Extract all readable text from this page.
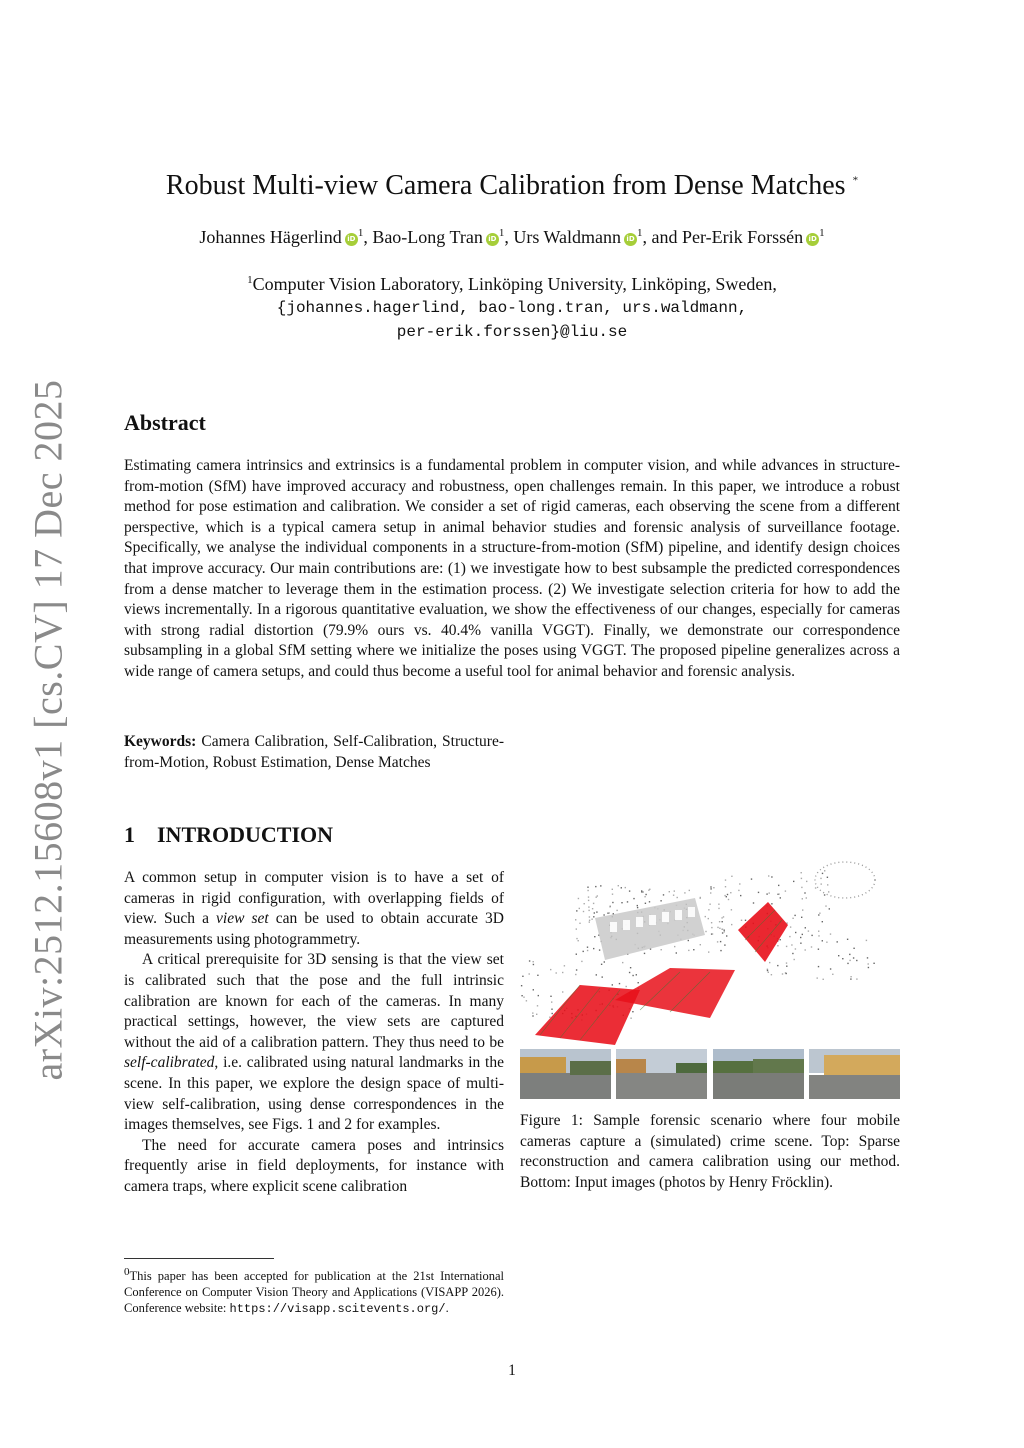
arXiv:2512.15608v1 [cs.CV] 17 Dec 2025
Robust Multi-view Camera Calibration from Dense Matches *
Johannes Hägerlind iD $^1$, Bao-Long Tran iD $^1$, Urs Waldmann iD $^1$, and Per-Erik Forssén iD $^1$
$^1$Computer Vision Laboratory, Linköping University, Linköping, Sweden,
{johannes.hagerlind, bao-long.tran, urs.waldmann,
per-erik.forssen}@liu.se
Abstract

Estimating camera intrinsics and extrinsics is a fundamental problem in computer vision, and while advances in structure-from-motion (SfM) have improved accuracy and robustness, open challenges remain. In this paper, we introduce a robust method for pose estimation and calibration. We consider a set of rigid cameras, each observing the scene from a different perspective, which is a typical camera setup in animal behavior studies and forensic analysis of surveillance footage. Specifically, we analyse the individual components in a structure-from-motion (SfM) pipeline, and identify design choices that improve accuracy. Our main contributions are: (1) we investigate how to best subsample the predicted correspondences from a dense matcher to leverage them in the estimation process. (2) We investigate selection criteria for how to add the views incrementally. In a rigorous quantitative evaluation, we show the effectiveness of our changes, especially for cameras with strong radial distortion (79.9% ours vs. 40.4% vanilla VGGT). Finally, we demonstrate our correspondence subsampling in a global SfM setting where we initialize the poses using VGGT. The proposed pipeline generalizes across a wide range of camera setups, and could thus become a useful tool for animal behavior and forensic analysis.

Keywords: Camera Calibration, Self-Calibration, Structure-from-Motion, Robust Estimation, Dense Matches

1 INTRODUCTION

A common setup in computer vision is to have a set of cameras in rigid configuration, with overlapping fields of view. Such a view set can be used to obtain accurate 3D measurements using photogrammetry.

A critical prerequisite for 3D sensing is that the view set is calibrated such that the pose and the full intrinsic calibration are known for each of the cameras. In many practical settings, however, the view sets are captured without the aid of a calibration pattern. They thus need to be self-calibrated, i.e. calibrated using natural landmarks in the scene. In this paper, we explore the design space of multi-view self-calibration, using dense correspondences in the images themselves, see Figs. 1 and 2 for examples.

The need for accurate camera poses and intrinsics frequently arise in field deployments, for instance with camera traps, where explicit scene calibration

$^0$This paper has been accepted for publication at the 21st International Conference on Computer Vision Theory and Applications (VISAPP 2026). Conference website: https://visapp.scitevents.org/.

Figure 1: Sample forensic scenario where four mobile cameras capture a (simulated) crime scene. Top: Sparse reconstruction and camera calibration using our method. Bottom: Input images (photos by Henry Fröcklin).

1
